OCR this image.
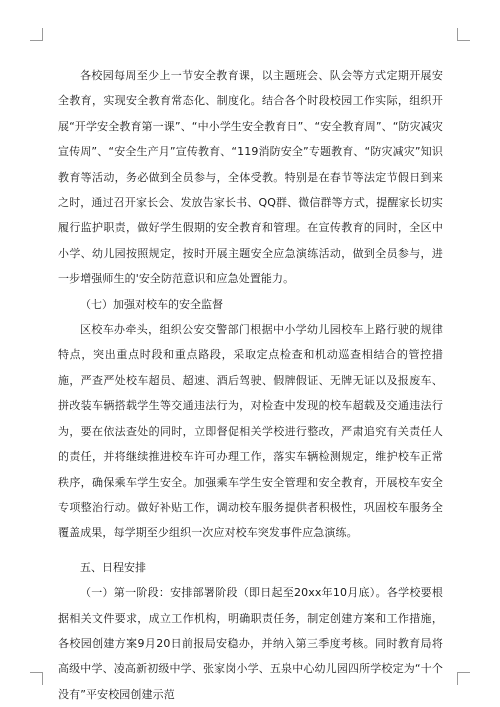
各校园每周至少上一节安全教育课，以主题班会、队会等方式定期开展安全教育，实现安全教育常态化、制度化。结合各个时段校园工作实际，组织开展“开学安全教育第一课”、“中小学生安全教育日”、“安全教育周”、“防灾减灾宣传周”、“安全生产月”宣传教育、“119消防安全”专题教育、“防灾减灾”知识教育等活动，务必做到全员参与，全体受教。特别是在春节等法定节假日到来之时，通过召开家长会、发放告家长书、QQ群、微信群等方式，提醒家长切实履行监护职责，做好学生假期的安全教育和管理。在宣传教育的同时，全区中小学、幼儿园按照规定，按时开展主题安全应急演练活动，做到全员参与，进一步增强师生的'安全防范意识和应急处置能力。

（七）加强对校车的安全监督

区校车办牵头，组织公安交警部门根据中小学幼儿园校车上路行驶的规律特点，突出重点时段和重点路段，采取定点检查和机动巡查相结合的管控措施，严查严处校车超员、超速、酒后驾驶、假牌假证、无牌无证以及报废车、拼改装车辆搭载学生等交通违法行为，对检查中发现的校车超载及交通违法行为，要在依法查处的同时，立即督促相关学校进行整改，严肃追究有关责任人的责任，并将继续推进校车许可办理工作，落实车辆检测规定，维护校车正常秩序，确保乘车学生安全。加强乘车学生安全管理和安全教育，开展校车安全专项整治行动。做好补贴工作，调动校车服务提供者积极性，巩固校车服务全覆盖成果，每学期至少组织一次应对校车突发事件应急演练。

五、日程安排

（一）第一阶段：安排部署阶段（即日起至20xx年10月底）。各学校要根据相关文件要求，成立工作机构，明确职责任务，制定创建方案和工作措施，各校园创建方案9月20日前报局安稳办，并纳入第三季度考核。同时教育局将高级中学、凌高新初级中学、张家岗小学、五泉中心幼儿园四所学校定为“十个没有”平安校园创建示范
